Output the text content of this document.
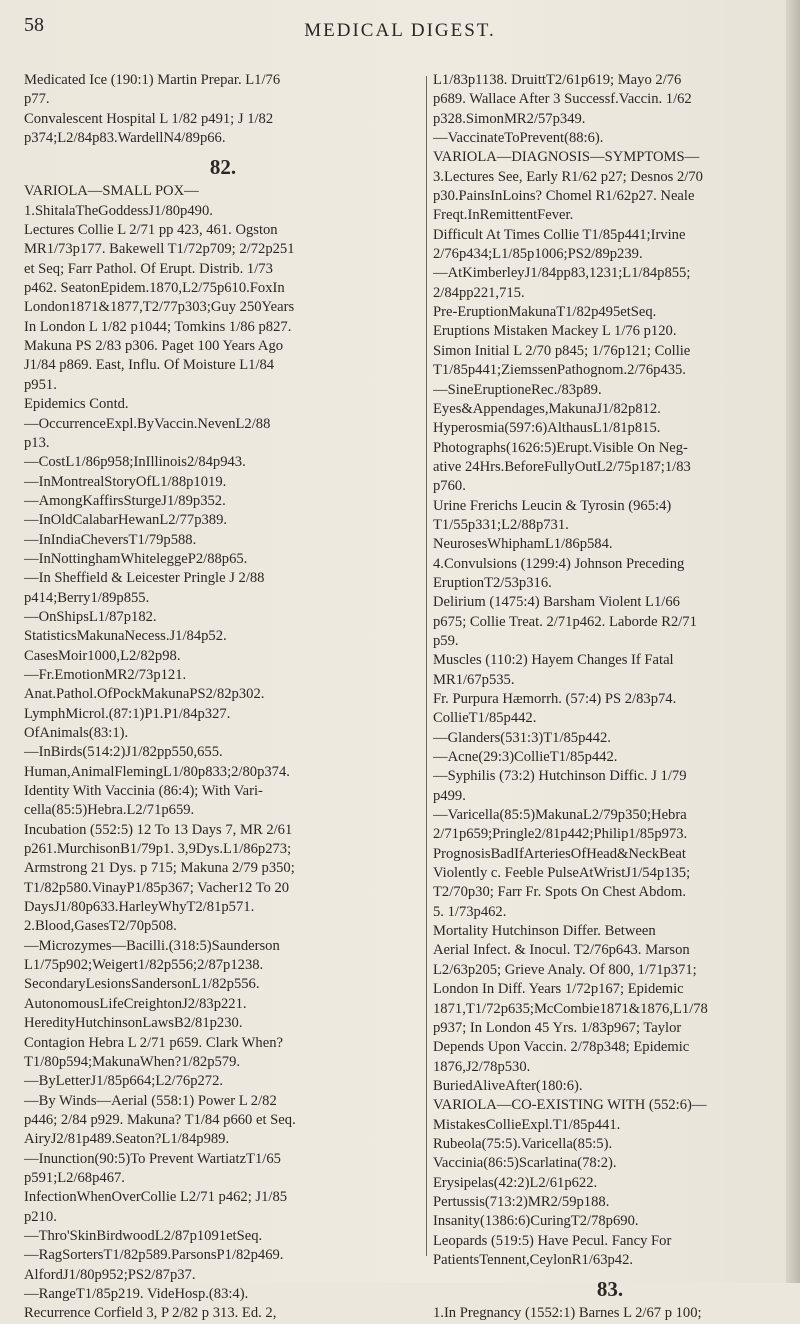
58	MEDICAL DIGEST.
Medicated Ice (190:1) Martin Prepar. L1/76
p77.
Convalescent Hospital L 1/82 p491; J 1/82
p374;L2/84p83.WardellN4/89p66.
82.
VARIOLA—SMALL POX—
1.ShitalaTheGoddessJ1/80p490.
Lectures Collie L 2/71 pp 423, 461. Ogston
MR1/73p177. Bakewell T1/72p709; 2/72p251
et Seq; Farr Pathol. Of Erupt. Distrib. 1/73
p462. SeatonEpidem.1870,L2/75p610.FoxIn
London1871&1877,T2/77p303;Guy 250Years
In London L 1/82 p1044; Tomkins 1/86 p827.
Makuna PS 2/83 p306. Paget 100 Years Ago
J1/84 p869. East, Influ. Of Moisture L1/84
p951.
Epidemics Contd.
—OccurrenceExpl.ByVaccin.NevenL2/88
p13.
—CostL1/86p958;InIllinois2/84p943.
—InMontrealStoryOfL1/88p1019.
—AmongKaffirsSturgeJ1/89p352.
—InOldCalabarHewanL2/77p389.
—InIndiaCheversT1/79p588.
—InNottinghamWhiteleggeP2/88p65.
—In Sheffield & Leicester Pringle J 2/88
p414;Berry1/89p855.
—OnShipsL1/87p182.
StatisticsMakunaNecess.J1/84p52.
CasesMoir1000,L2/82p98.
—Fr.EmotionMR2/73p121.
Anat.Pathol.OfPockMakunaPS2/82p302.
LymphMicrol.(87:1)P1.P1/84p327.
OfAnimals(83:1).
—InBirds(514:2)J1/82pp550,655.
Human,AnimalFlemingL1/80p833;2/80p374.
Identity With Vaccinia (86:4); With Vari-
cella(85:5)Hebra.L2/71p659.
Incubation (552:5) 12 To 13 Days 7, MR 2/61
p261.MurchisonB1/79p1. 3,9Dys.L1/86p273;
Armstrong 21 Dys. p 715; Makuna 2/79 p350;
T1/82p580.VinayP1/85p367; Vacher12 To 20
DaysJ1/80p633.HarleyWhyT2/81p571.
2.Blood,GasesT2/70p508.
—Microzymes—Bacilli.(318:5)Saunderson
L1/75p902;Weigert1/82p556;2/87p1238.
SecondaryLesionsSandersonL1/82p556.
AutonomousLifeCreightonJ2/83p221.
HeredityHutchinsonLawsB2/81p230.
Contagion Hebra L 2/71 p659. Clark When?
T1/80p594;MakunaWhen?1/82p579.
—ByLetterJ1/85p664;L2/76p272.
—By Winds—Aerial (558:1) Power L 2/82
p446; 2/84 p929. Makuna? T1/84 p660 et Seq.
AiryJ2/81p489.Seaton?L1/84p989.
—Inunction(90:5)To Prevent WartiatzT1/65
p591;L2/68p467.
InfectionWhenOverCollie L2/71 p462; J1/85
p210.
—Thro'SkinBirdwoodL2/87p1091etSeq.
—RagSortersT1/82p589.ParsonsP1/82p469.
AlfordJ1/80p952;PS2/87p37.
—RangeT1/85p219. VideHosp.(83:4).
Recurrence Corfield 3, P 2/82 p 313. Ed. 2,
L1/83p1138. DruittT2/61p619; Mayo 2/76
p689. Wallace After 3 Successf.Vaccin. 1/62
p328.SimonMR2/57p349.
—VaccinateToPrevent(88:6).
VARIOLA—DIAGNOSIS—SYMPTOMS—
3.Lectures See, Early R1/62 p27; Desnos 2/70
p30.PainsInLoins? Chomel R1/62p27. Neale
Freqt.InRemittentFever.
Difficult At Times Collie T1/85p441;Irvine
2/76p434;L1/85p1006;PS2/89p239.
—AtKimberleyJ1/84pp83,1231;L1/84p855;
2/84pp221,715.
Pre-EruptionMakunaT1/82p495etSeq.
Eruptions Mistaken Mackey L 1/76 p120.
Simon Initial L 2/70 p845; 1/76p121; Collie
T1/85p441;ZiemssenPathognom.2/76p435.
—SineEruptioneRec./83p89.
Eyes&Appendages,MakunaJ1/82p812.
Hyperosmia(597:6)AlthausL1/81p815.
Photographs(1626:5)Erupt.Visible On Neg-
ative 24Hrs.BeforeFullyOutL2/75p187;1/83
p760.
Urine Frerichs Leucin & Tyrosin (965:4)
T1/55p331;L2/88p731.
NeurosesWhiphamL1/86p584.
4.Convulsions (1299:4) Johnson Preceding
EruptionT2/53p316.
Delirium (1475:4) Barsham Violent L1/66
p675; Collie Treat. 2/71p462. Laborde R2/71
p59.
Muscles (110:2) Hayem Changes If Fatal
MR1/67p535.
Fr. Purpura Hæmorrh. (57:4) PS 2/83p74.
CollieT1/85p442.
—Glanders(531:3)T1/85p442.
—Acne(29:3)CollieT1/85p442.
—Syphilis (73:2) Hutchinson Diffic. J 1/79
p499.
—Varicella(85:5)MakunaL2/79p350;Hebra
2/71p659;Pringle2/81p442;Philip1/85p973.
PrognosisBadIfArteriesOfHead&NeckBeat
Violently c. Feeble PulseAtWristJ1/54p135;
T2/70p30; Farr Fr. Spots On Chest Abdom.
5. 1/73p462.
Mortality Hutchinson Differ. Between
Aerial Infect. & Inocul. T2/76p643. Marson
L2/63p205; Grieve Analy. Of 800, 1/71p371;
London In Diff. Years 1/72p167; Epidemic
1871,T1/72p635;McCombie1871&1876,L1/78
p937; In London 45 Yrs. 1/83p967; Taylor
Depends Upon Vaccin. 2/78p348; Epidemic
1876,J2/78p530.
BuriedAliveAfter(180:6).
VARIOLA—CO-EXISTING WITH (552:6)—
MistakesCollieExpl.T1/85p441.
Rubeola(75:5).Varicella(85:5).
Vaccinia(86:5)Scarlatina(78:2).
Erysipelas(42:2)L2/61p622.
Pertussis(713:2)MR2/59p188.
Insanity(1386:6)CuringT2/78p690.
Leopards (519:5) Have Pecul. Fancy For
PatientsTennent,CeylonR1/63p42.
83.
1.In Pregnancy (1552:1) Barnes L 2/67 p 100;
